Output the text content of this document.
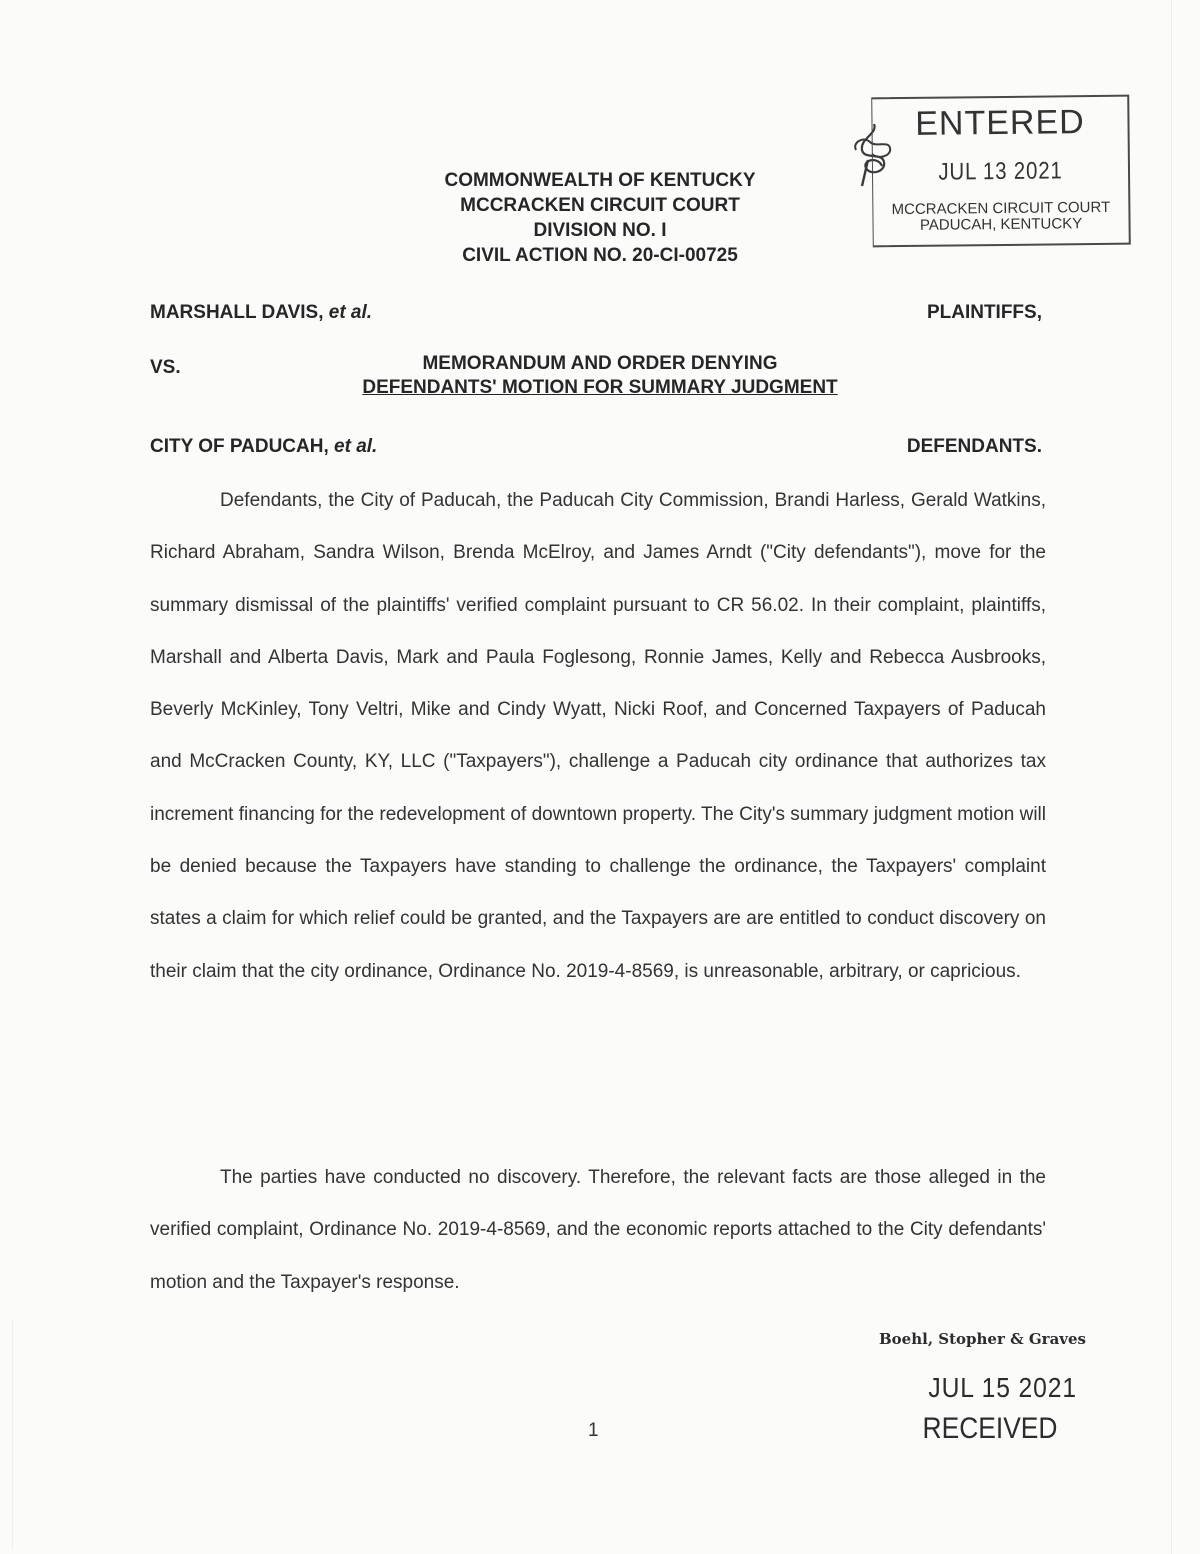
COMMONWEALTH OF KENTUCKY
MCCRACKEN CIRCUIT COURT
DIVISION NO. I
CIVIL ACTION NO. 20-CI-00725
ENTERED
JUL 13 2021
MCCRACKEN CIRCUIT COURT
PADUCAH, KENTUCKY
MARSHALL DAVIS, et al.	PLAINTIFFS,
VS.	MEMORANDUM AND ORDER DENYING
DEFENDANTS' MOTION FOR SUMMARY JUDGMENT
CITY OF PADUCAH, et al.	DEFENDANTS.

Defendants, the City of Paducah, the Paducah City Commission, Brandi Harless, Gerald Watkins, Richard Abraham, Sandra Wilson, Brenda McElroy, and James Arndt ("City defendants"), move for the summary dismissal of the plaintiffs' verified complaint pursuant to CR 56.02. In their complaint, plaintiffs, Marshall and Alberta Davis, Mark and Paula Foglesong, Ronnie James, Kelly and Rebecca Ausbrooks, Beverly McKinley, Tony Veltri, Mike and Cindy Wyatt, Nicki Roof, and Concerned Taxpayers of Paducah and McCracken County, KY, LLC ("Taxpayers"), challenge a Paducah city ordinance that authorizes tax increment financing for the redevelopment of downtown property. The City's summary judgment motion will be denied because the Taxpayers have standing to challenge the ordinance, the Taxpayers' complaint states a claim for which relief could be granted, and the Taxpayers are are entitled to conduct discovery on their claim that the city ordinance, Ordinance No. 2019-4-8569, is unreasonable, arbitrary, or capricious.

The parties have conducted no discovery. Therefore, the relevant facts are those alleged in the verified complaint, Ordinance No. 2019-4-8569, and the economic reports attached to the City defendants' motion and the Taxpayer's response.

Boehl, Stopher & Graves
JUL 15 2021
RECEIVED
1
